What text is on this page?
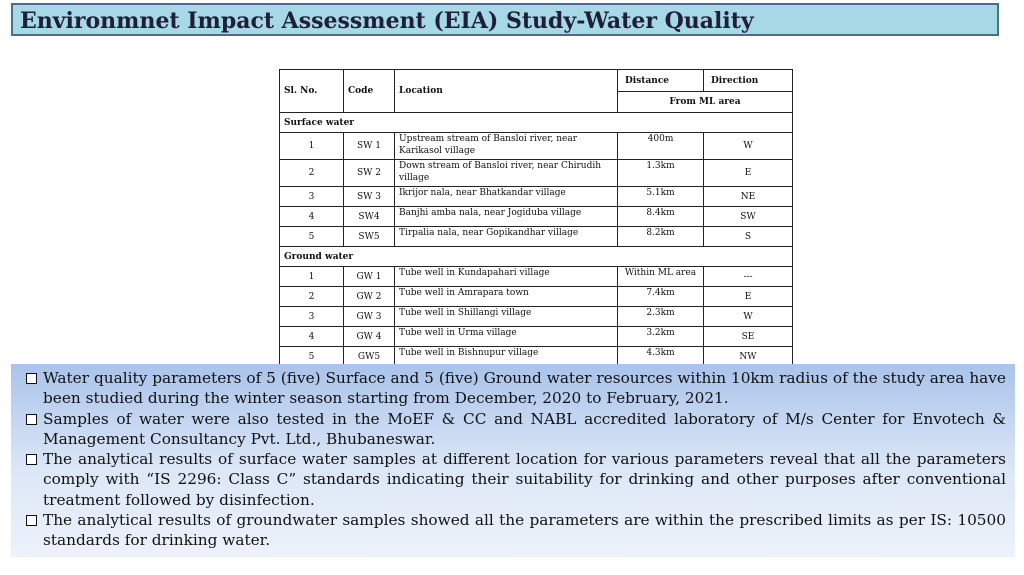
Environmnet Impact Assessment (EIA) Study-Water Quality
Sl. No.	Code	Location	Distance	Direction
			From ML area	
Surface water				
1	SW 1	Upstream stream of Bansloi river, near Karikasol village	400m	W
2	SW 2	Down stream of Bansloi river, near Chirudih village	1.3km	E
3	SW 3	Ikrijor nala, near Bhatkandar village	5.1km	NE
4	SW4	Banjhi amba nala, near Jogiduba village	8.4km	SW
5	SW5	Tirpalia nala, near Gopikandhar village	8.2km	S
Ground water				
1	GW 1	Tube well in Kundapahari village	Within ML area	---
2	GW 2	Tube well in Amrapara town	7.4km	E
3	GW 3	Tube well in Shillangi village	2.3km	W
4	GW 4	Tube well in Urma village	3.2km	SE
5	GW5	Tube well in Bishnupur village	4.3km	NW
Water quality parameters of 5 (five) Surface and 5 (five) Ground water resources within 10km radius of the study area have been studied during the winter season starting from December, 2020 to February, 2021.
Samples of water were also tested in the MoEF & CC and NABL accredited laboratory of M/s Center for Envotech & Management Consultancy Pvt. Ltd., Bhubaneswar.
The analytical results of surface water samples at different location for various parameters reveal that all the parameters comply with “IS 2296: Class C” standards indicating their suitability for drinking and other purposes after conventional treatment followed by disinfection.
The analytical results of groundwater samples showed all the parameters are within the prescribed limits as per IS: 10500 standards for drinking water.
